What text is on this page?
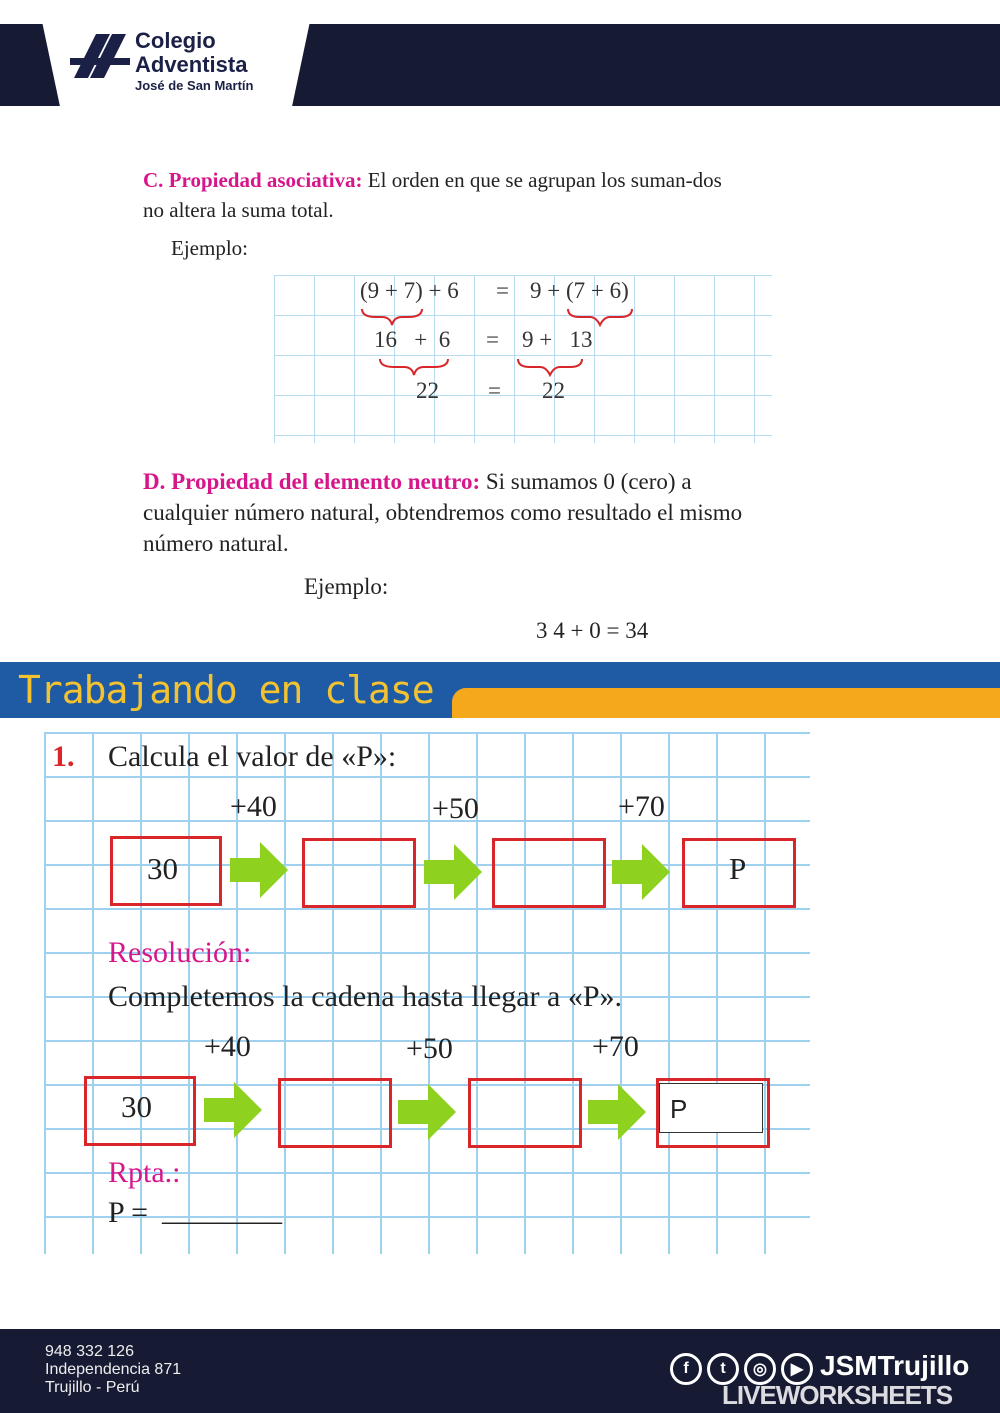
Colegio
Adventista
José de San Martín
C. Propiedad asociativa: El orden en que se agrupan los suman-dos
no altera la suma total.
Ejemplo:
(9 + 7) + 6 = 9 + (7 + 6)
16   +  6 = 9 +   13
22 = 22
D. Propiedad del elemento neutro: Si sumamos 0 (cero) a
cualquier número natural, obtendremos como resultado el mismo
número natural.
Ejemplo:
3 4 + 0 = 34
Trabajando en clase
1. Calcula el valor de «P»:
+40	+50	+70
30	P
Resolución:
Completemos la cadena hasta llegar a «P».
+40	+50	+70
30	P
Rpta.:
P = ________
948 332 126
Independencia 871
Trujillo - Perú
f	t	◎	▶ JSMTrujillo
LIVEWORKSHEETS
